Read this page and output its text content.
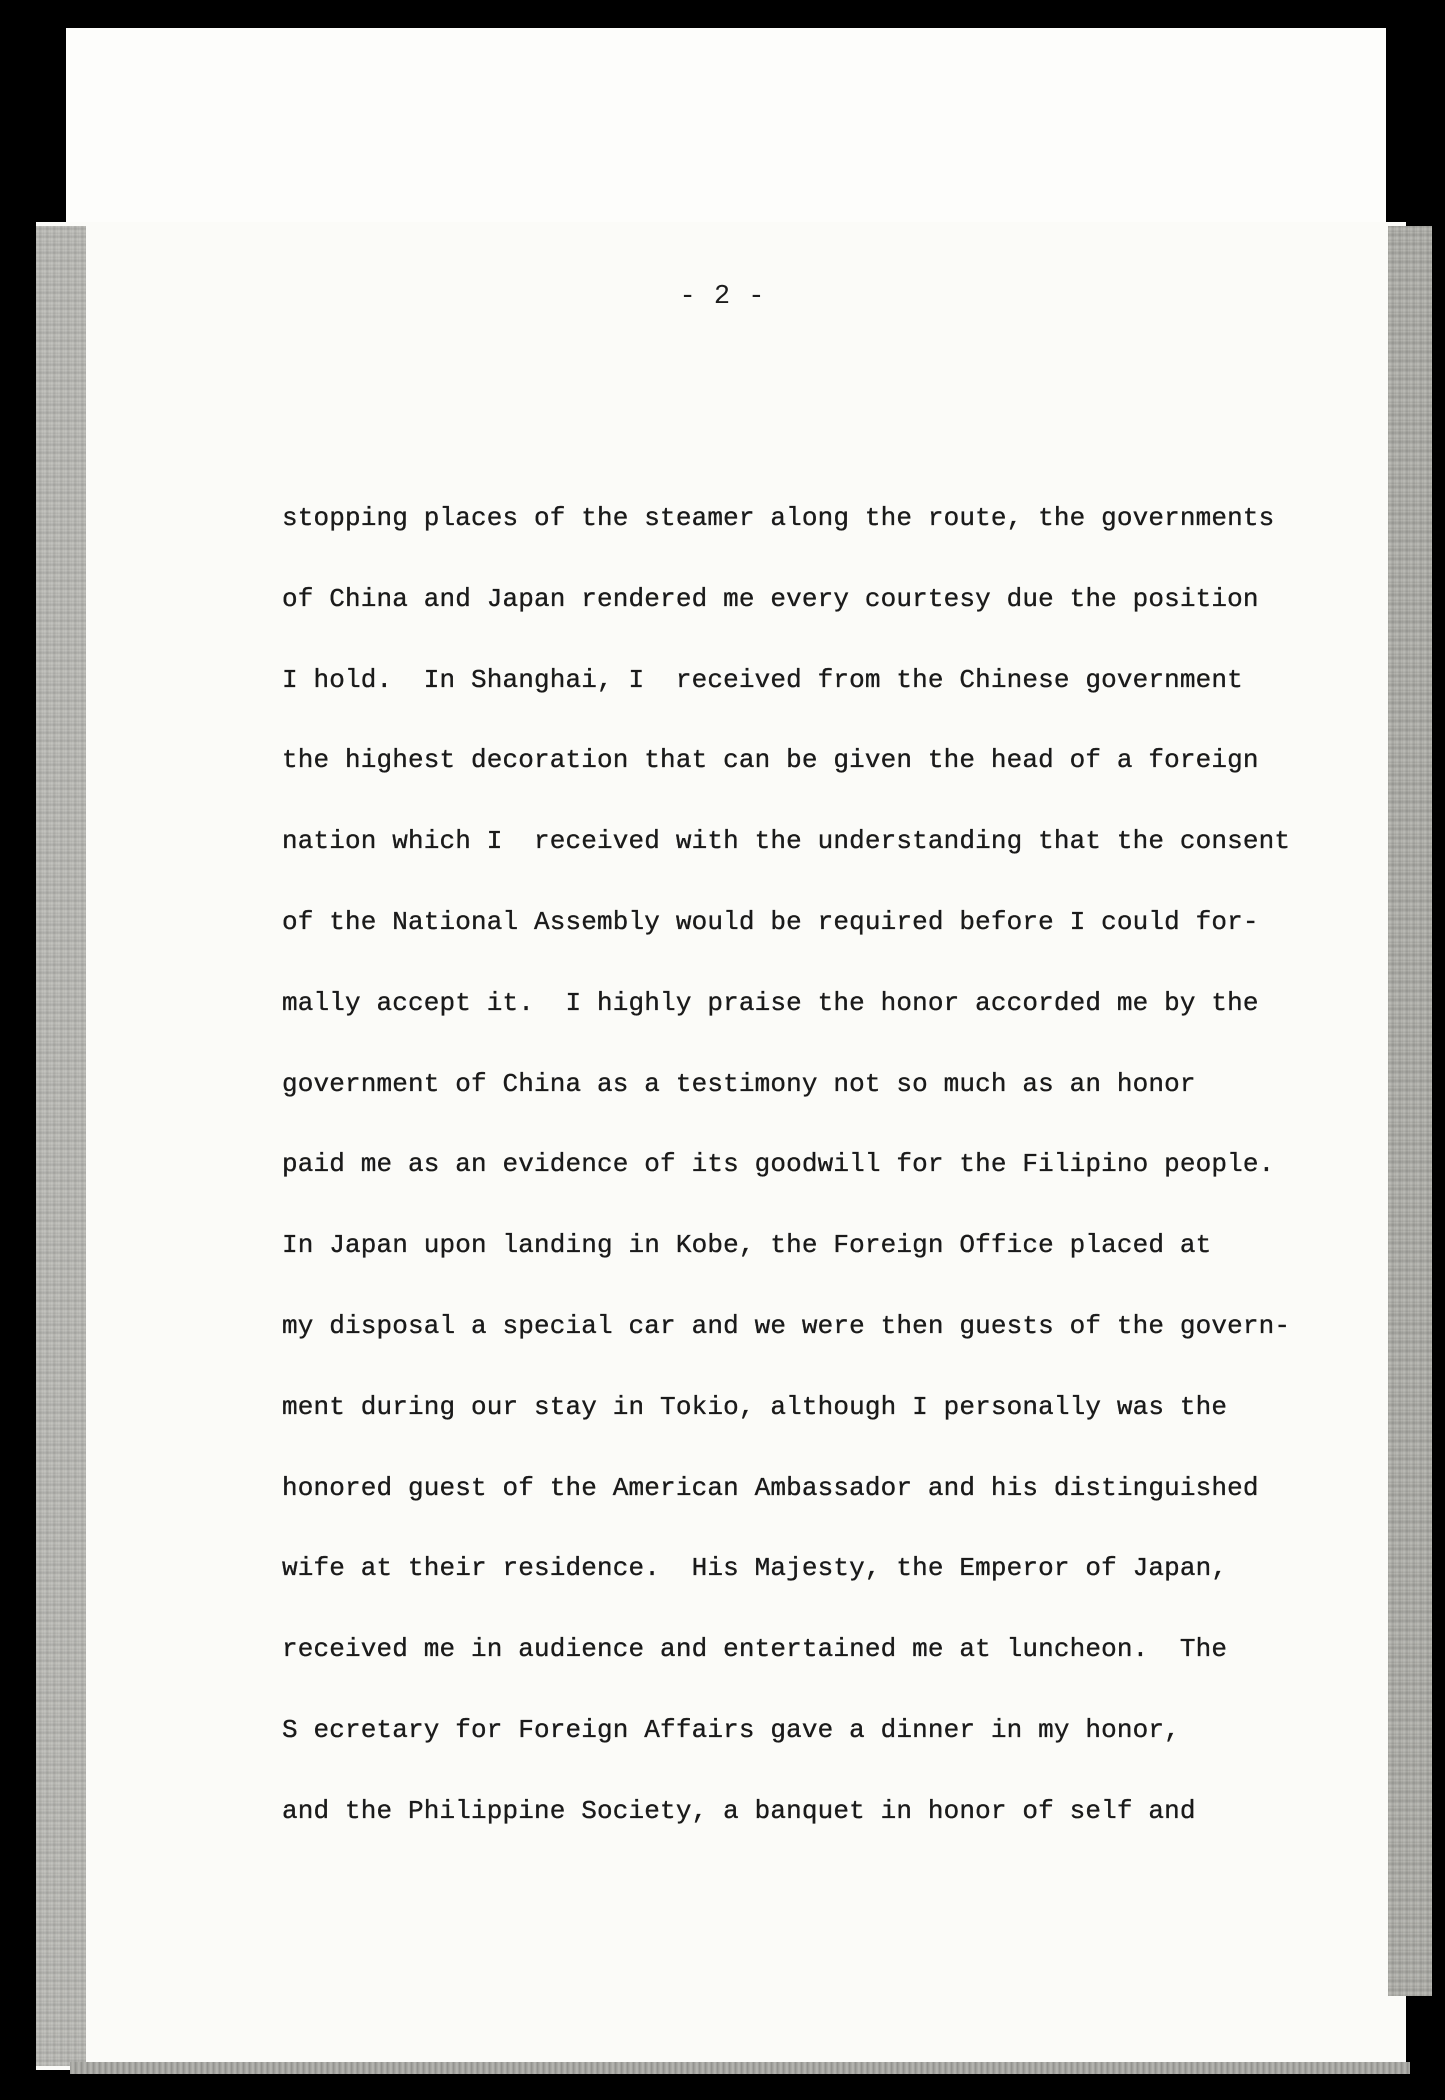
- 2 -
stopping places of the steamer along the route, the governments
of China and Japan rendered me every courtesy due the position
I hold.  In Shanghai, I  received from the Chinese government
the highest decoration that can be given the head of a foreign
nation which I  received with the understanding that the consent
of the National Assembly would be required before I could for-
mally accept it.  I highly praise the honor accorded me by the
government of China as a testimony not so much as an honor
paid me as an evidence of its goodwill for the Filipino people.
In Japan upon landing in Kobe, the Foreign Office placed at
my disposal a special car and we were then guests of the govern-
ment during our stay in Tokio, although I personally was the
honored guest of the American Ambassador and his distinguished
wife at their residence.  His Majesty, the Emperor of Japan,
received me in audience and entertained me at luncheon.  The
S ecretary for Foreign Affairs gave a dinner in my honor,
and the Philippine Society, a banquet in honor of self and
